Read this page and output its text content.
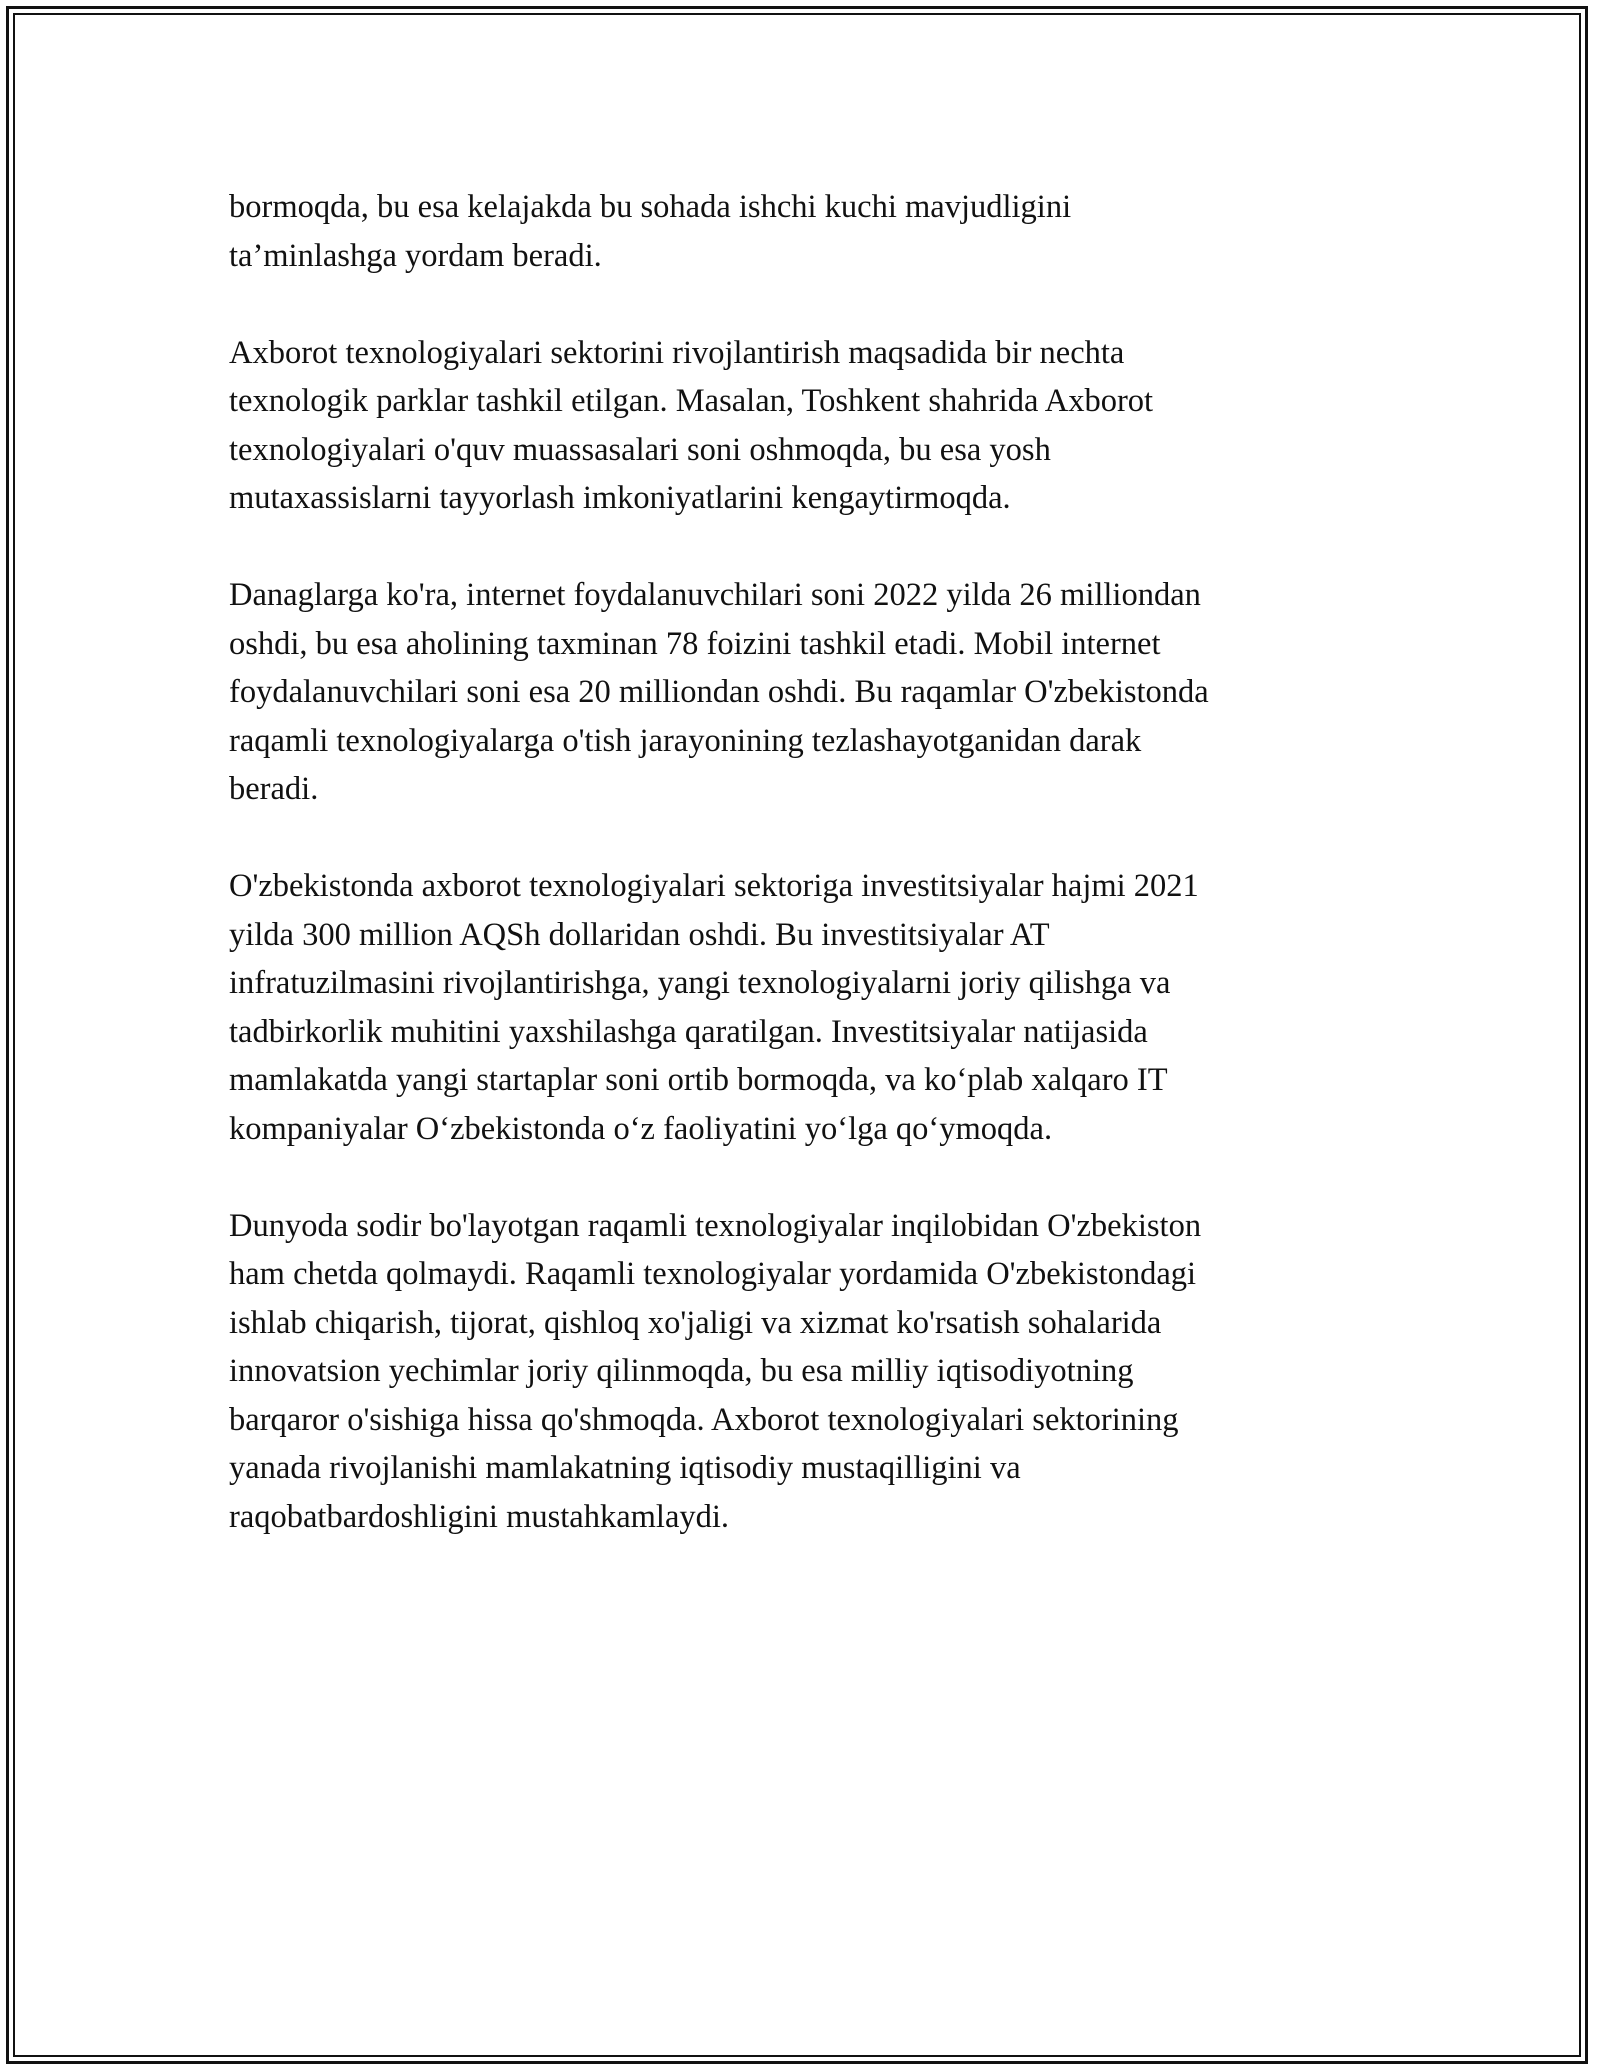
bormoqda, bu esa kelajakda bu sohada ishchi kuchi mavjudligini
ta’minlashga yordam beradi.

Axborot texnologiyalari sektorini rivojlantirish maqsadida bir nechta
texnologik parklar tashkil etilgan. Masalan, Toshkent shahrida Axborot
texnologiyalari o'quv muassasalari soni oshmoqda, bu esa yosh
mutaxassislarni tayyorlash imkoniyatlarini kengaytirmoqda.

Danaglarga ko'ra, internet foydalanuvchilari soni 2022 yilda 26 milliondan
oshdi, bu esa aholining taxminan 78 foizini tashkil etadi. Mobil internet
foydalanuvchilari soni esa 20 milliondan oshdi. Bu raqamlar O'zbekistonda
raqamli texnologiyalarga o'tish jarayonining tezlashayotganidan darak
beradi.

O'zbekistonda axborot texnologiyalari sektoriga investitsiyalar hajmi 2021
yilda 300 million AQSh dollaridan oshdi. Bu investitsiyalar AT
infratuzilmasini rivojlantirishga, yangi texnologiyalarni joriy qilishga va
tadbirkorlik muhitini yaxshilashga qaratilgan. Investitsiyalar natijasida
mamlakatda yangi startaplar soni ortib bormoqda, va ko‘plab xalqaro IT
kompaniyalar O‘zbekistonda o‘z faoliyatini yo‘lga qo‘ymoqda.

Dunyoda sodir bo'layotgan raqamli texnologiyalar inqilobidan O'zbekiston
ham chetda qolmaydi. Raqamli texnologiyalar yordamida O'zbekistondagi
ishlab chiqarish, tijorat, qishloq xo'jaligi va xizmat ko'rsatish sohalarida
innovatsion yechimlar joriy qilinmoqda, bu esa milliy iqtisodiyotning
barqaror o'sishiga hissa qo'shmoqda. Axborot texnologiyalari sektorining
yanada rivojlanishi mamlakatning iqtisodiy mustaqilligini va
raqobatbardoshligini mustahkamlaydi.
